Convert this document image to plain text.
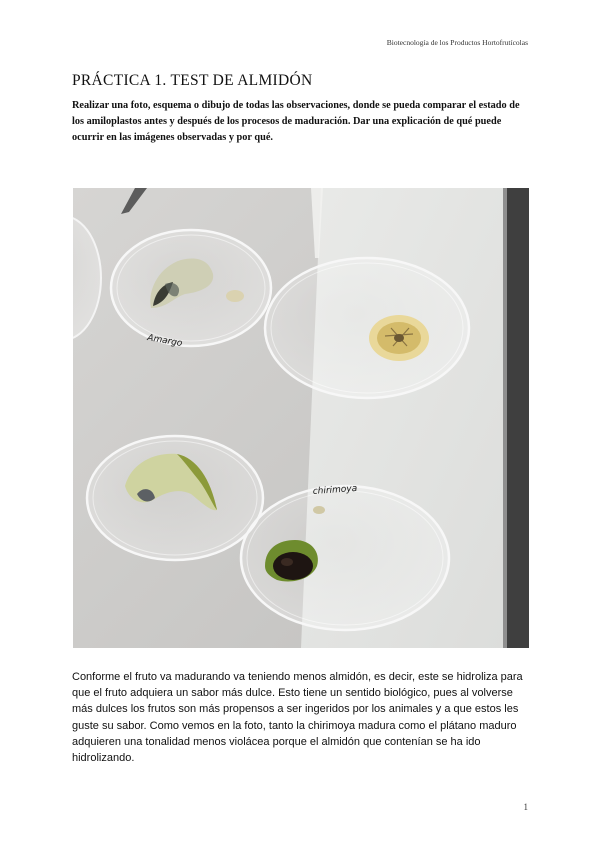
Biotecnología de los Productos Hortofrutícolas
PRÁCTICA 1. TEST DE ALMIDÓN

Realizar una foto, esquema o dibujo de todas las observaciones, donde se pueda comparar el estado de los amiloplastos antes y después de los procesos de maduración. Dar una explicación de qué puede ocurrir en las imágenes observadas y por qué.

Amargo
chirimoya

Conforme el fruto va madurando va teniendo menos almidón, es decir, este se hidroliza para que el fruto adquiera un sabor más dulce. Esto tiene un sentido biológico, pues al volverse más dulces los frutos son más propensos a ser ingeridos por los animales y a que estos les guste su sabor. Como vemos en la foto, tanto la chirimoya madura como el plátano maduro adquieren una tonalidad menos violácea porque el almidón que contenían se ha ido hidrolizando.

1
